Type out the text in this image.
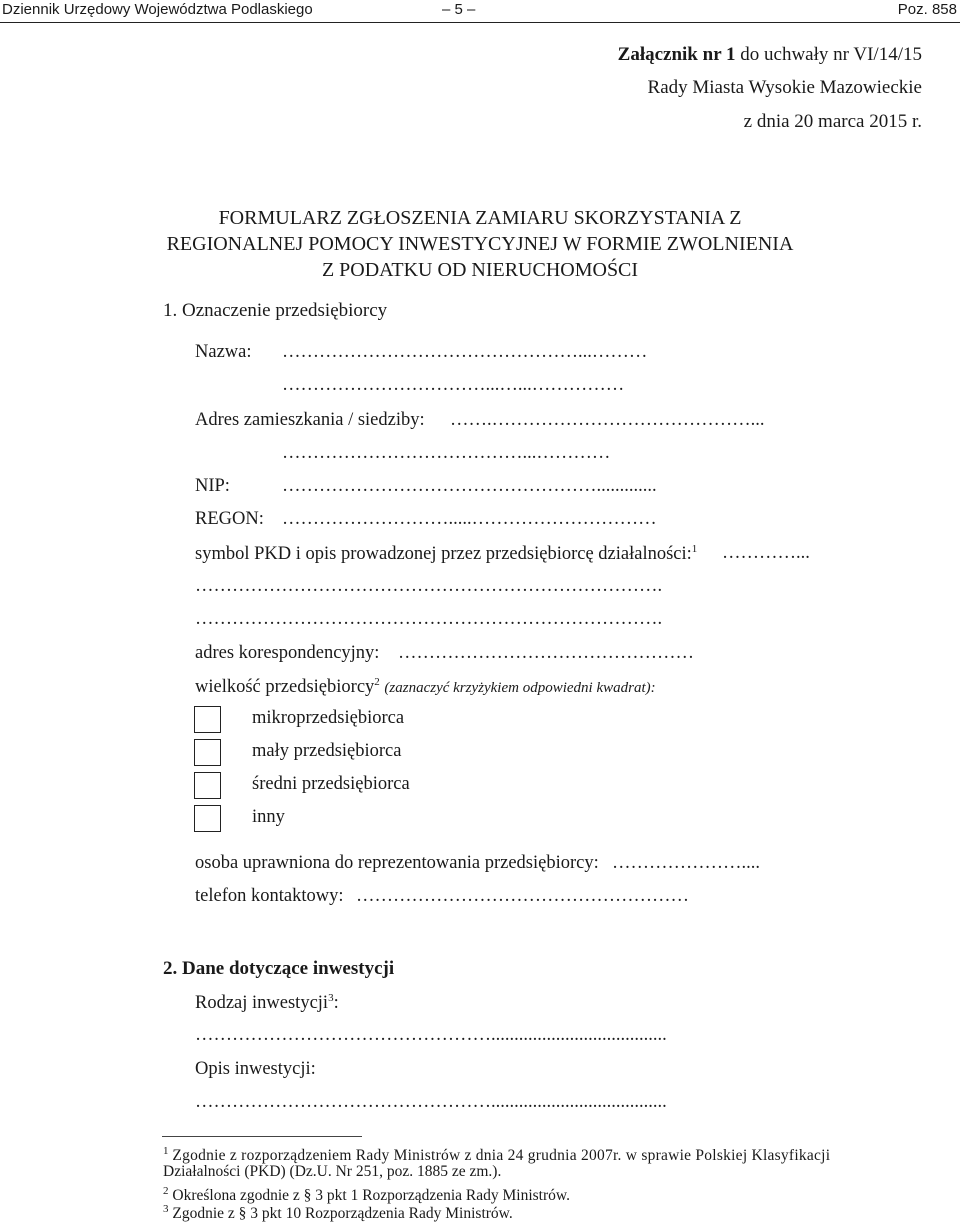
Dziennik Urzędowy Województwa Podlaskiego	– 5 –	Poz. 858
Załącznik nr 1 do uchwały nr VI/14/15
Rady Miasta Wysokie Mazowieckie
z dnia 20 marca 2015 r.
FORMULARZ ZGŁOSZENIA ZAMIARU SKORZYSTANIA Z
REGIONALNEJ POMOCY INWESTYCYJNEJ W FORMIE ZWOLNIENIA
Z PODATKU OD NIERUCHOMOŚCI
1. Oznaczenie przedsiębiorcy
Nazwa: …………………………………………...………
……………………………...…...……………
Adres zamieszkania / siedziby: …….……………………………………...
…………………………………...…………
NIP:	…………………………………………….............
REGON: ……………………….....…………………………
symbol PKD i opis prowadzonej przez przedsiębiorcę działalności:$^1$ …………...
………………………………………………………………….
………………………………………………………………….
adres korespondencyjny: …………………………………………
wielkość przedsiębiorcy$^2$ (zaznaczyć krzyżykiem odpowiedni kwadrat):
mikroprzedsiębiorca
mały przedsiębiorca
średni przedsiębiorca
inny
osoba uprawniona do reprezentowania przedsiębiorcy: …………………....
telefon kontaktowy: ………………………………………………
2. Dane dotyczące inwestycji
Rodzaj inwestycji$^3$:
…………………………………………......................................
Opis inwestycji:
…………………………………………......................................
$^1$ Zgodnie z rozporządzeniem Rady Ministrów z dnia 24 grudnia 2007r. w sprawie Polskiej Klasyfikacji
Działalności (PKD) (Dz.U. Nr 251, poz. 1885 ze zm.).
$^2$ Określona zgodnie z § 3 pkt 1 Rozporządzenia Rady Ministrów.
$^3$ Zgodnie z § 3 pkt 10 Rozporządzenia Rady Ministrów.
